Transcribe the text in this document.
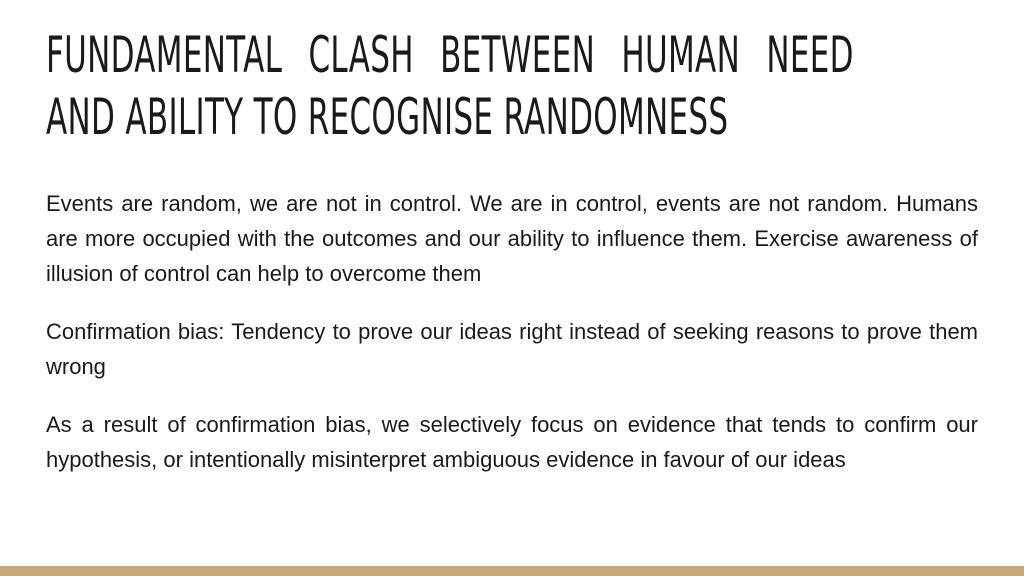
FUNDAMENTAL CLASH BETWEEN HUMAN NEED
AND ABILITY TO RECOGNISE RANDOMNESS

Events are random, we are not in control. We are in control, events are not random. Humans are more occupied with the outcomes and our ability to influence them. Exercise awareness of illusion of control can help to overcome them

Confirmation bias: Tendency to prove our ideas right instead of seeking reasons to prove them wrong

As a result of confirmation bias, we selectively focus on evidence that tends to confirm our hypothesis, or intentionally misinterpret ambiguous evidence in favour of our ideas
